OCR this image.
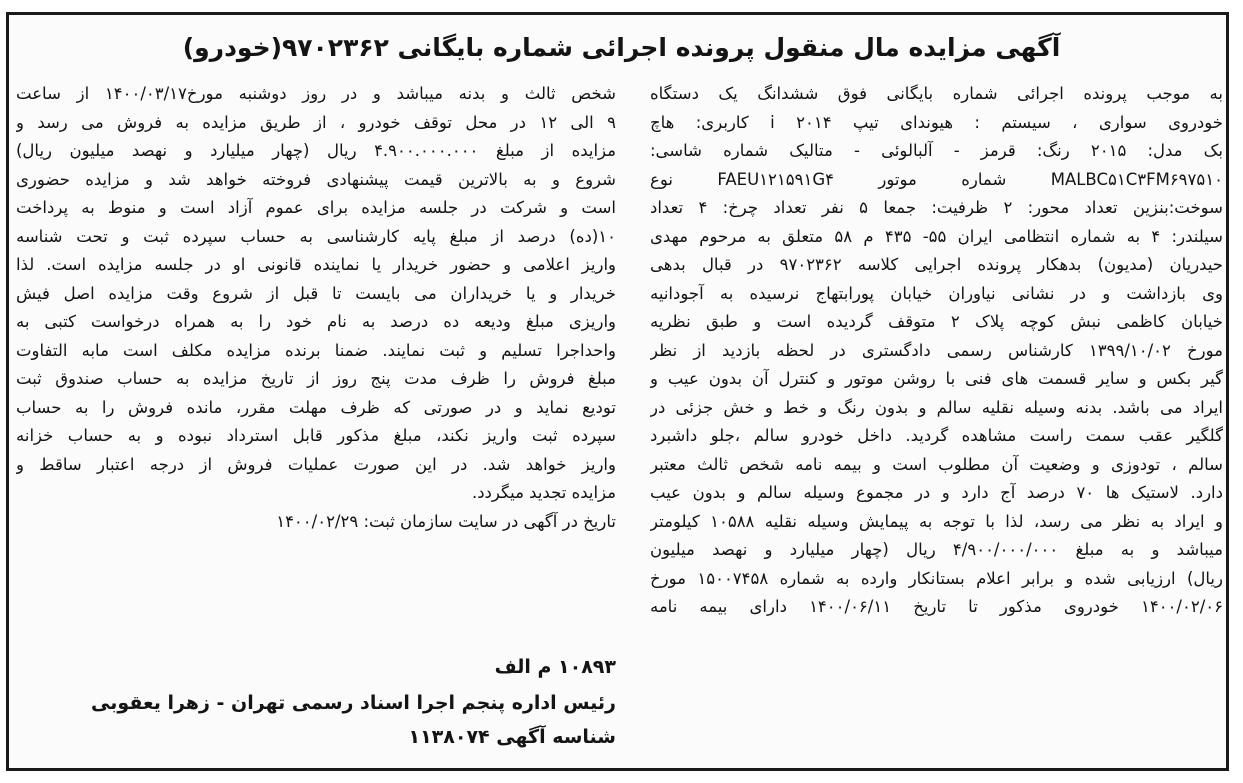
آگهی مزایده مال منقول پرونده اجرائی شماره بایگانی ۹۷۰۲۳۶۲(خودرو)
به موجب پرونده اجرائی شماره بایگانی فوق ششدانگ یک دستگاه
خودروی سواری ، سیستم : هیوندای تیپ ۲۰۱۴ i کاربری: هاچ
بک مدل: ۲۰۱۵ رنگ: قرمز - آلبالوئی - متالیک شماره شاسی:
MALBC۵۱C۳FM۶۹۷۵۱۰ شماره موتور FAEU۱۲۱۵۹۱G۴ نوع
سوخت:بنزین تعداد محور: ۲ ظرفیت: جمعا ۵ نفر تعداد چرخ: ۴ تعداد
سیلندر: ۴ به شماره انتظامی ایران ۵۵- ۴۳۵ م ۵۸ متعلق به مرحوم مهدی
حیدریان (مدیون) بدهکار پرونده اجرایی کلاسه ۹۷۰۲۳۶۲ در قبال بدهی
وی بازداشت و در نشانی نیاوران خیابان پورابتهاج نرسیده به آجودانیه
خیابان کاظمی نبش کوچه پلاک ۲ متوقف گردیده است و طبق نظریه
مورخ ۱۳۹۹/۱۰/۰۲ کارشناس رسمی دادگستری در لحظه بازدید از نظر
گیر بکس و سایر قسمت های فنی با روشن موتور و کنترل آن بدون عیب و
ایراد می باشد. بدنه وسیله نقلیه سالم و بدون رنگ و خط و خش جزئی در
گلگیر عقب سمت راست مشاهده گردید. داخل خودرو سالم ،جلو داشبرد
سالم ، تودوزی و وضعیت آن مطلوب است و بیمه نامه شخص ثالث معتبر
دارد. لاستیک ها ۷۰ درصد آج دارد و در مجموع وسیله سالم و بدون عیب
و ایراد به نظر می رسد، لذا با توجه به پیمایش وسیله نقلیه ۱۰۵۸۸ کیلومتر
میباشد و به مبلغ ۴/۹۰۰/۰۰۰/۰۰۰ ریال (چهار میلیارد و نهصد میلیون
ریال) ارزیابی شده و برابر اعلام بستانکار وارده به شماره ۱۵۰۰۷۴۵۸ مورخ
۱۴۰۰/۰۲/۰۶ خودروی مذکور تا تاریخ ۱۴۰۰/۰۶/۱۱ دارای بیمه نامه
شخص ثالث و بدنه میباشد و در روز دوشنبه مورخ۱۴۰۰/۰۳/۱۷ از ساعت
۹ الی ۱۲ در محل توقف خودرو ، از طریق مزایده به فروش می رسد و
مزایده از مبلغ ۴.۹۰۰.۰۰۰.۰۰۰ ریال (چهار میلیارد و نهصد میلیون ریال)
شروع و به بالاترین قیمت پیشنهادی فروخته خواهد شد و مزایده حضوری
است و شرکت در جلسه مزایده برای عموم آزاد است و منوط به پرداخت
۱۰(ده) درصد از مبلغ پایه کارشناسی به حساب سپرده ثبت و تحت شناسه
واریز اعلامی و حضور خریدار یا نماینده قانونی او در جلسه مزایده است. لذا
خریدار و یا خریداران می بایست تا قبل از شروع وقت مزایده اصل فیش
واریزی مبلغ ودیعه ده درصد به نام خود را به همراه درخواست کتبی به
واحداجرا تسلیم و ثبت نمایند. ضمنا برنده مزایده مکلف است مابه التفاوت
مبلغ فروش را ظرف مدت پنج روز از تاریخ مزایده به حساب صندوق ثبت
تودیع نماید و در صورتی که ظرف مهلت مقرر، مانده فروش را به حساب
سپرده ثبت واریز نکند، مبلغ مذکور قابل استرداد نبوده و به حساب خزانه
واریز خواهد شد. در این صورت عملیات فروش از درجه اعتبار ساقط و
مزایده تجدید میگردد.
تاریخ در آگهی در سایت سازمان ثبت: ۱۴۰۰/۰۲/۲۹
۱۰۸۹۳ م الف
رئیس اداره پنجم اجرا اسناد رسمی تهران - زهرا یعقوبی
شناسه آگهی ۱۱۳۸۰۷۴
